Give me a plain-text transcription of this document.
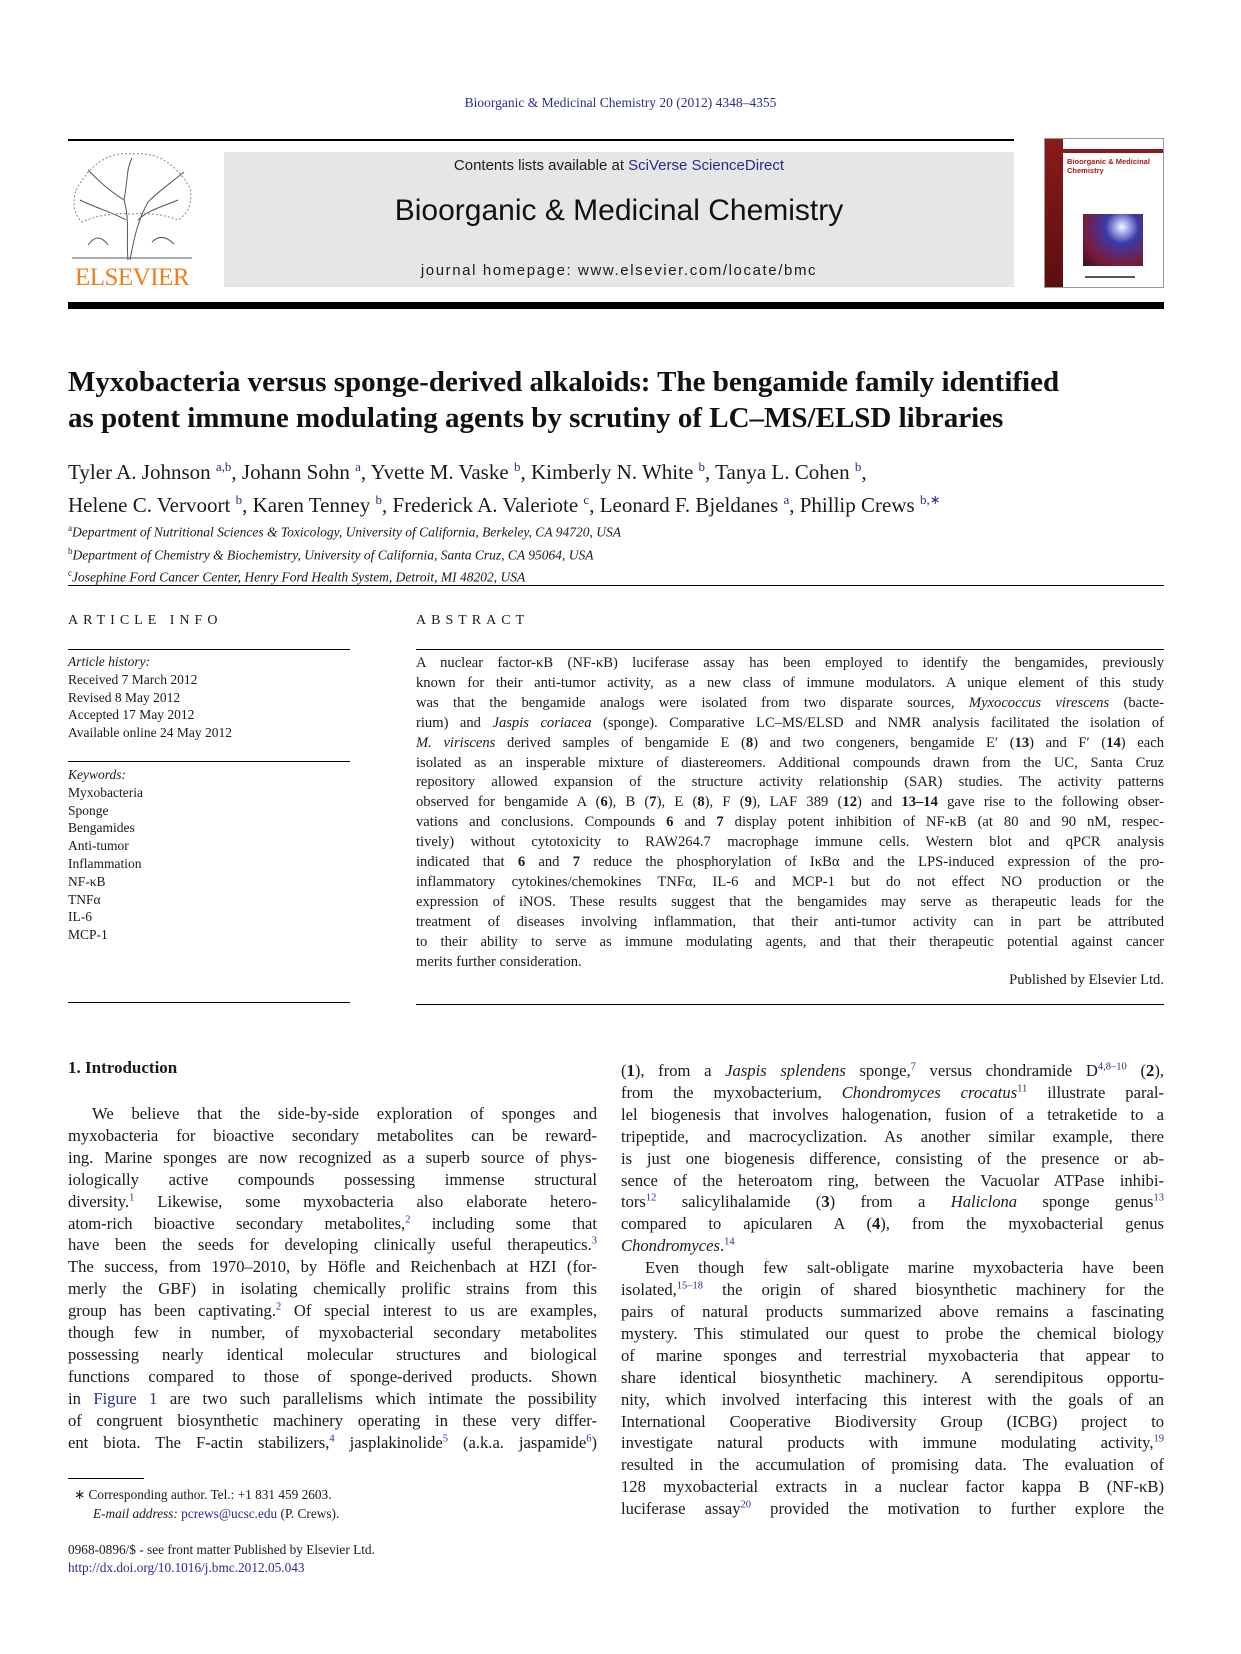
Bioorganic & Medicinal Chemistry 20 (2012) 4348–4355
ELSEVIER
Contents lists available at SciVerse ScienceDirect
Bioorganic & Medicinal Chemistry
journal homepage: www.elsevier.com/locate/bmc
Bioorganic & Medicinal Chemistry
Myxobacteria versus sponge-derived alkaloids: The bengamide family identified
as potent immune modulating agents by scrutiny of LC–MS/ELSD libraries
Tyler A. Johnson $^{a,b}$, Johann Sohn $^a$, Yvette M. Vaske $^b$, Kimberly N. White $^b$, Tanya L. Cohen $^b$,
Helene C. Vervoort $^b$, Karen Tenney $^b$, Frederick A. Valeriote $^c$, Leonard F. Bjeldanes $^a$, Phillip Crews $^{b,∗}$
$^a$Department of Nutritional Sciences & Toxicology, University of California, Berkeley, CA 94720, USA
$^b$Department of Chemistry & Biochemistry, University of California, Santa Cruz, CA 95064, USA
$^c$Josephine Ford Cancer Center, Henry Ford Health System, Detroit, MI 48202, USA
ARTICLE INFO	ABSTRACT
Article history:
Received 7 March 2012
Revised 8 May 2012
Accepted 17 May 2012
Available online 24 May 2012
Keywords:
Myxobacteria
Sponge
Bengamides
Anti-tumor
Inflammation
NF-κB
TNFα
IL-6
MCP-1
A nuclear factor-κB (NF-κB) luciferase assay has been employed to identify the bengamides, previously
known for their anti-tumor activity, as a new class of immune modulators. A unique element of this study
was that the bengamide analogs were isolated from two disparate sources, Myxococcus virescens (bacte-
rium) and Jaspis coriacea (sponge). Comparative LC–MS/ELSD and NMR analysis facilitated the isolation of
M. viriscens derived samples of bengamide E (8) and two congeners, bengamide E′ (13) and F′ (14) each
isolated as an insperable mixture of diastereomers. Additional compounds drawn from the UC, Santa Cruz
repository allowed expansion of the structure activity relationship (SAR) studies. The activity patterns
observed for bengamide A (6), B (7), E (8), F (9), LAF 389 (12) and 13–14 gave rise to the following obser-
vations and conclusions. Compounds 6 and 7 display potent inhibition of NF-κB (at 80 and 90 nM, respec-
tively) without cytotoxicity to RAW264.7 macrophage immune cells. Western blot and qPCR analysis
indicated that 6 and 7 reduce the phosphorylation of IκBα and the LPS-induced expression of the pro-
inflammatory cytokines/chemokines TNFα, IL-6 and MCP-1 but do not effect NO production or the
expression of iNOS. These results suggest that the bengamides may serve as therapeutic leads for the
treatment of diseases involving inflammation, that their anti-tumor activity can in part be attributed
to their ability to serve as immune modulating agents, and that their therapeutic potential against cancer
merits further consideration.
Published by Elsevier Ltd.
1. Introduction
We believe that the side-by-side exploration of sponges and
myxobacteria for bioactive secondary metabolites can be reward-
ing. Marine sponges are now recognized as a superb source of phys-
iologically active compounds possessing immense structural
diversity.$^1$ Likewise, some myxobacteria also elaborate hetero-
atom-rich bioactive secondary metabolites,$^2$ including some that
have been the seeds for developing clinically useful therapeutics.$^3$
The success, from 1970–2010, by Höfle and Reichenbach at HZI (for-
merly the GBF) in isolating chemically prolific strains from this
group has been captivating.$^2$ Of special interest to us are examples,
though few in number, of myxobacterial secondary metabolites
possessing nearly identical molecular structures and biological
functions compared to those of sponge-derived products. Shown
in Figure 1 are two such parallelisms which intimate the possibility
of congruent biosynthetic machinery operating in these very differ-
ent biota. The F-actin stabilizers,$^4$ jasplakinolide$^5$ (a.k.a. jaspamide$^6$)
(1), from a Jaspis splendens sponge,$^7$ versus chondramide D$^{4,8-10}$ (2),
from the myxobacterium, Chondromyces crocatus$^{11}$ illustrate paral-
lel biogenesis that involves halogenation, fusion of a tetraketide to a
tripeptide, and macrocyclization. As another similar example, there
is just one biogenesis difference, consisting of the presence or ab-
sence of the heteroatom ring, between the Vacuolar ATPase inhibi-
tors$^{12}$ salicylihalamide (3) from a Haliclona sponge genus$^{13}$
compared to apicularen A (4), from the myxobacterial genus
Chondromyces.$^{14}$
Even though few salt-obligate marine myxobacteria have been
isolated,$^{15-18}$ the origin of shared biosynthetic machinery for the
pairs of natural products summarized above remains a fascinating
mystery. This stimulated our quest to probe the chemical biology
of marine sponges and terrestrial myxobacteria that appear to
share identical biosynthetic machinery. A serendipitous opportu-
nity, which involved interfacing this interest with the goals of an
International Cooperative Biodiversity Group (ICBG) project to
investigate natural products with immune modulating activity,$^{19}$
resulted in the accumulation of promising data. The evaluation of
128 myxobacterial extracts in a nuclear factor kappa B (NF-κB)
luciferase assay$^{20}$ provided the motivation to further explore the
∗ Corresponding author. Tel.: +1 831 459 2603.
E-mail address: pcrews@ucsc.edu (P. Crews).
0968-0896/$ - see front matter Published by Elsevier Ltd.
http://dx.doi.org/10.1016/j.bmc.2012.05.043
